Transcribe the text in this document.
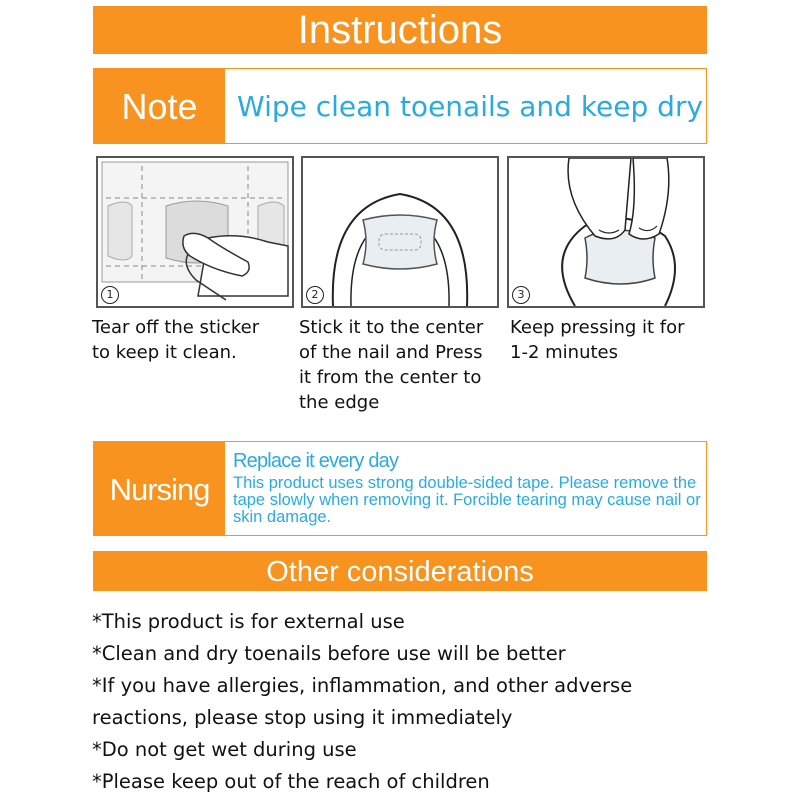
Instructions
Note	Wipe clean toenails and keep dry
1	2	3
Tear off the sticker
to keep it clean.
Stick it to the center
of the nail and Press
it from the center to
the edge
Keep pressing it for
1-2 minutes
Nursing
Replace it every day
This product uses strong double-sided tape. Please remove the tape slowly when removing it. Forcible tearing may cause nail or skin damage.
Other considerations
*This product is for external use
*Clean and dry toenails before use will be better
*If you have allergies, inflammation, and other adverse reactions, please stop using it immediately
*Do not get wet during use
*Please keep out of the reach of children
